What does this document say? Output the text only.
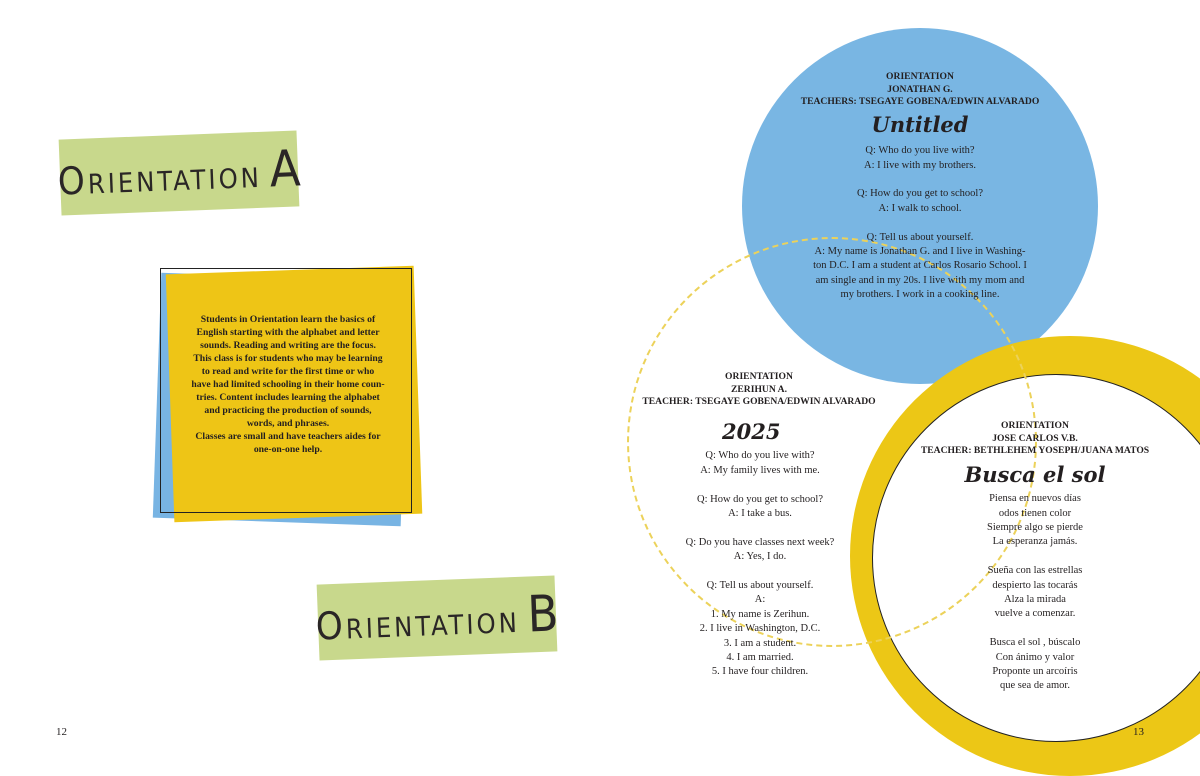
Orientation A
Students in Orientation learn the basics of
English starting with the alphabet and letter
sounds. Reading and writing are the focus.
This class is for students who may be learning
to read and write for the first time or who
have had limited schooling in their home coun-
tries. Content includes learning the alphabet
and practicing the production of sounds,
words, and phrases.
Classes are small and have teachers aides for
one-on-one help.
Orientation B
ORIENTATION
JONATHAN G.
TEACHERS: TSEGAYE GOBENA/EDWIN ALVARADO
Untitled
Q: Who do you live with?
A: I live with my brothers.
Q: How do you get to school?
A: I walk to school.
Q: Tell us about yourself.
A: My name is Jonathan G. and I live in Washing-
ton D.C. I am a student at Carlos Rosario School. I
am single and in my 20s. I live with my mom and
my brothers. I work in a cooking line.
ORIENTATION
ZERIHUN A.
TEACHER: TSEGAYE GOBENA/EDWIN ALVARADO
2025
Q: Who do you live with?
A: My family lives with me.
Q: How do you get to school?
A: I take a bus.
Q: Do you have classes next week?
A: Yes, I do.
Q: Tell us about yourself.
A:
1. My name is Zerihun.
2. I live in Washington, D.C.
3. I am a student.
4. I am married.
5. I have four children.
ORIENTATION
JOSE CARLOS V.B.
TEACHER: BETHLEHEM YOSEPH/JUANA MATOS
Busca el sol
Piensa en nuevos días
odos tienen color
Siempre algo se pierde
La esperanza jamás.
Sueña con las estrellas
despierto las tocarás
Alza la mirada
vuelve a comenzar.
Busca el sol , búscalo
Con ánimo y valor
Proponte un arcoíris
que sea de amor.
12	13
